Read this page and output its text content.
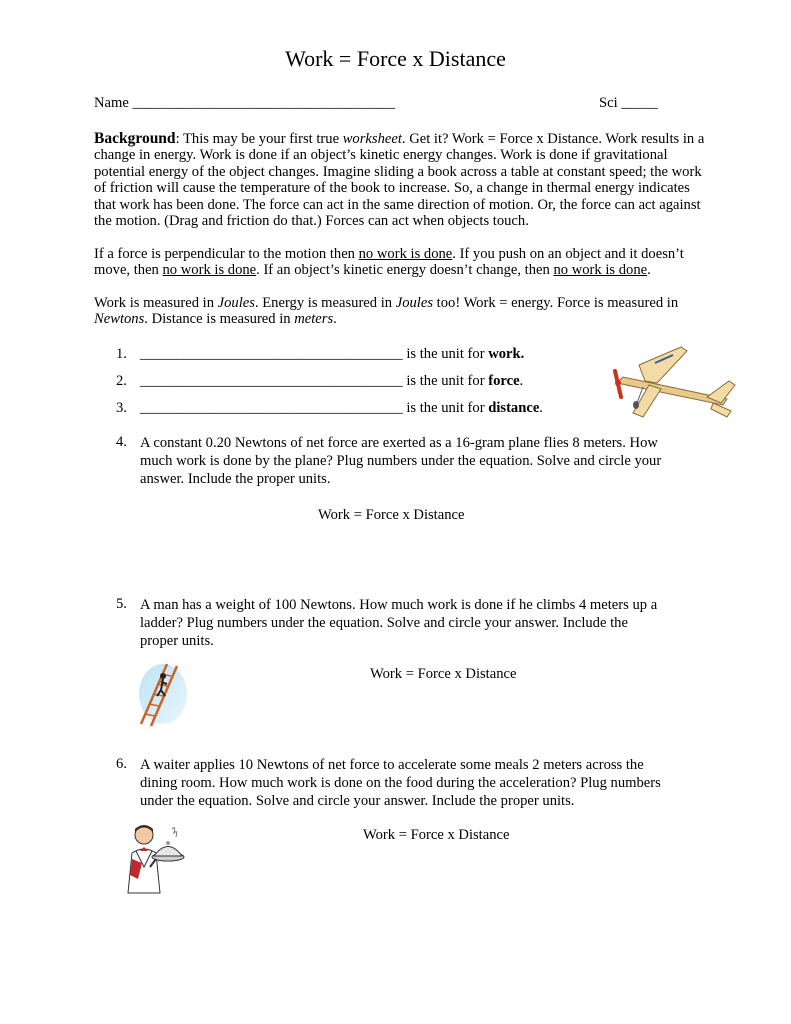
Work = Force x Distance
Name ____________________________________	Sci _____
Background: This may be your first true worksheet. Get it? Work = Force x Distance. Work results in a
change in energy. Work is done if an object’s kinetic energy changes. Work is done if gravitational
potential energy of the object changes. Imagine sliding a book across a table at constant speed; the work
of friction will cause the temperature of the book to increase. So, a change in thermal energy indicates
that work has been done. The force can act in the same direction of motion. Or, the force can act against
the motion. (Drag and friction do that.) Forces can act when objects touch.
If a force is perpendicular to the motion then no work is done. If you push on an object and it doesn’t
move, then no work is done. If an object’s kinetic energy doesn’t change, then no work is done.
Work is measured in Joules. Energy is measured in Joules too! Work = energy. Force is measured in
Newtons. Distance is measured in meters.
1. ____________________________________ is the unit for work.
2. ____________________________________ is the unit for force.
3. ____________________________________ is the unit for distance.
4. A constant 0.20 Newtons of net force are exerted as a 16-gram plane flies 8 meters. How
much work is done by the plane? Plug numbers under the equation. Solve and circle your
answer. Include the proper units.
Work = Force x Distance
5. A man has a weight of 100 Newtons. How much work is done if he climbs 4 meters up a
ladder? Plug numbers under the equation. Solve and circle your answer. Include the
proper units.
Work = Force x Distance
6. A waiter applies 10 Newtons of net force to accelerate some meals 2 meters across the
dining room. How much work is done on the food during the acceleration? Plug numbers
under the equation. Solve and circle your answer. Include the proper units.
Work = Force x Distance
